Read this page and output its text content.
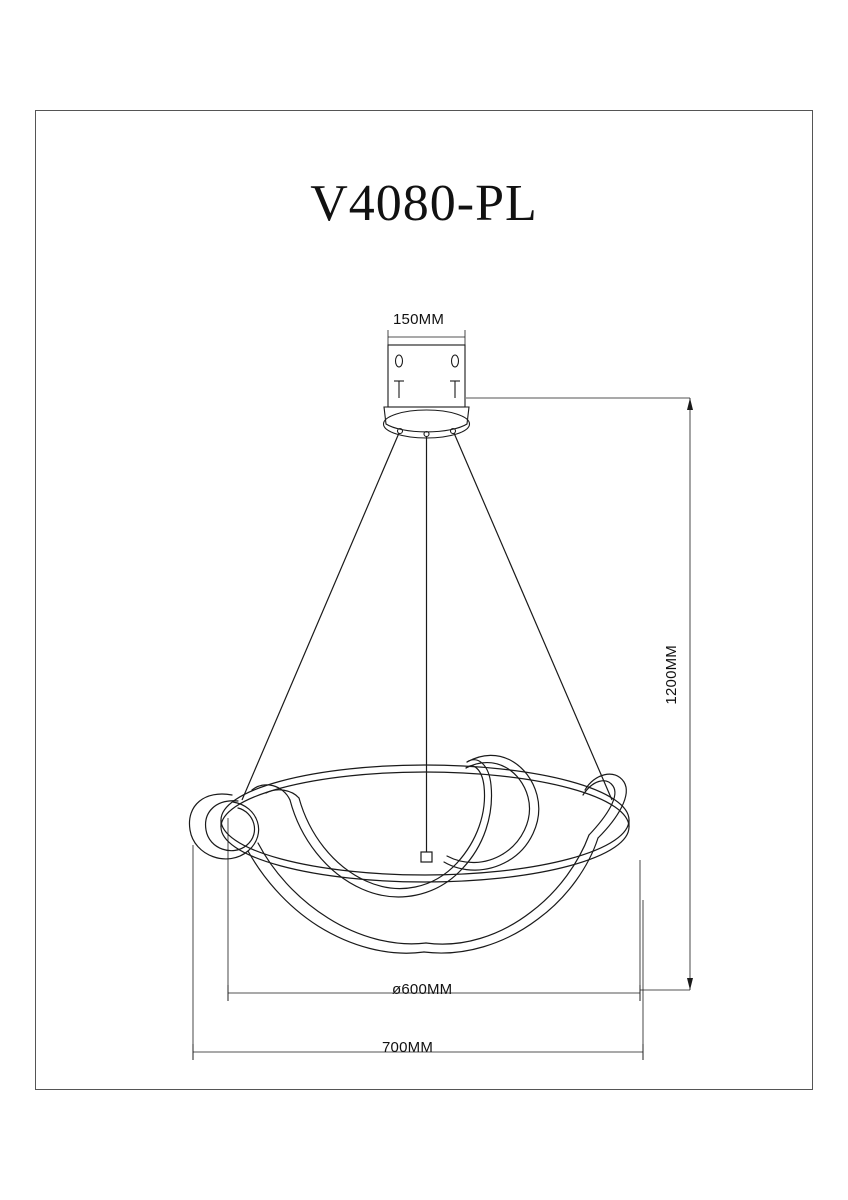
V4080-PL
150MM
1200MM
ø600MM
700MM
